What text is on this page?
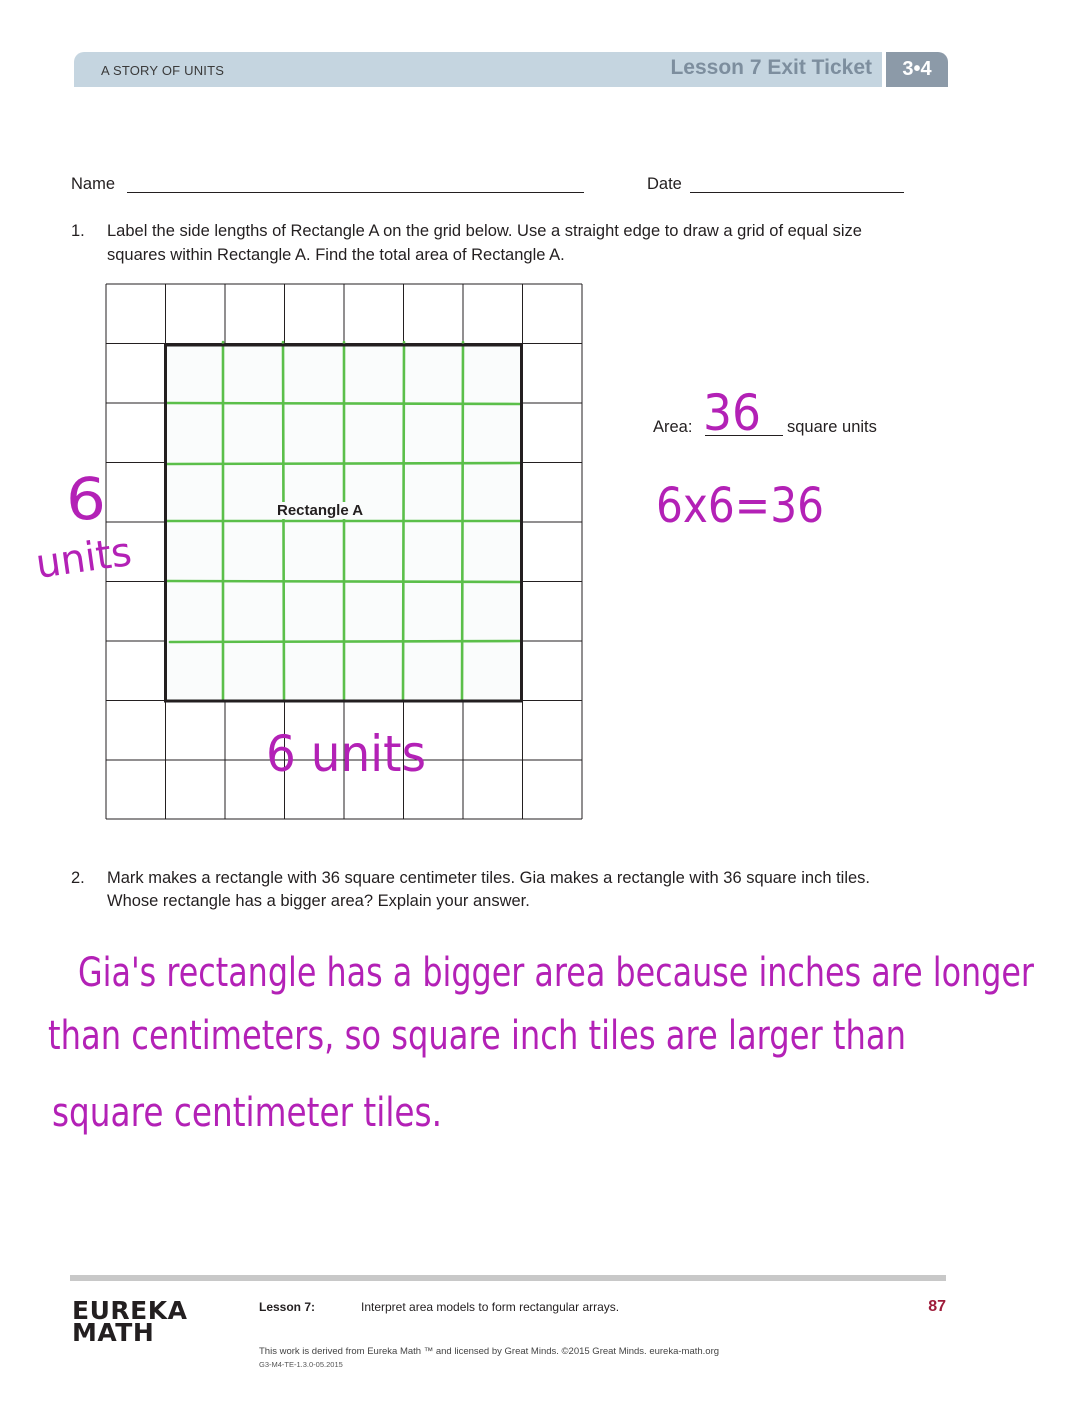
A STORY OF UNITS	Lesson 7 Exit Ticket	3•4
Name	Date
1. Label the side lengths of Rectangle A on the grid below. Use a straight edge to draw a grid of equal size
squares within Rectangle A. Find the total area of Rectangle A.
Rectangle A
Area:	square units
36
6x6=36
6
units
6 units
Gia's rectangle has a bigger area because inches are longer
than centimeters, so square inch tiles are larger than
square centimeter tiles.
2. Mark makes a rectangle with 36 square centimeter tiles. Gia makes a rectangle with 36 square inch tiles.
Whose rectangle has a bigger area? Explain your answer.
EUREKA
MATH
Lesson 7:	Interpret area models to form rectangular arrays.	87
This work is derived from Eureka Math ™ and licensed by Great Minds. ©2015 Great Minds. eureka-math.org
G3-M4-TE-1.3.0-05.2015
